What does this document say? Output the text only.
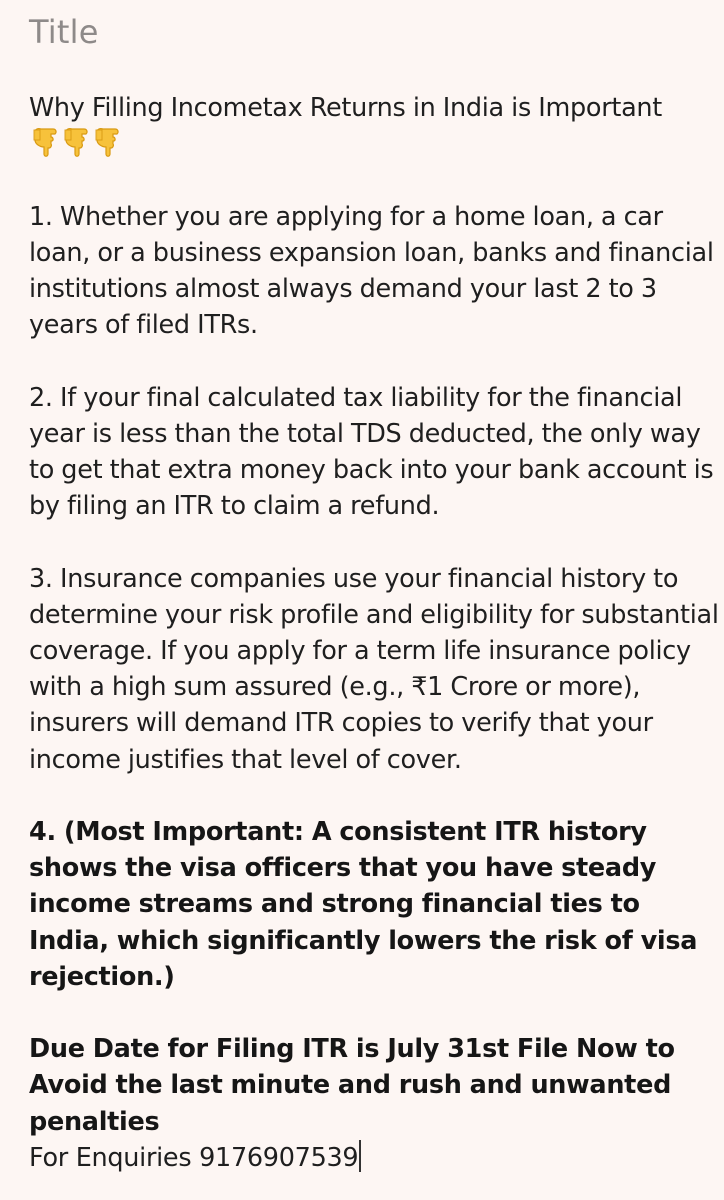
Title

Why Filling Incometax Returns in India is Important

1. Whether you are applying for a home loan, a car loan, or a business expansion loan, banks and financial institutions almost always demand your last 2 to 3 years of filed ITRs.

2. If your final calculated tax liability for the financial year is less than the total TDS deducted, the only way to get that extra money back into your bank account is by filing an ITR to claim a refund.

3. Insurance companies use your financial history to determine your risk profile and eligibility for substantial coverage. If you apply for a term life insurance policy with a high sum assured (e.g., ₹1 Crore or more), insurers will demand ITR copies to verify that your income justifies that level of cover.

4. (Most Important: A consistent ITR history shows the visa officers that you have steady income streams and strong financial ties to India, which significantly lowers the risk of visa rejection.)

Due Date for Filing ITR is July 31st File Now to Avoid the last minute and rush and unwanted penalties

For Enquiries 9176907539
